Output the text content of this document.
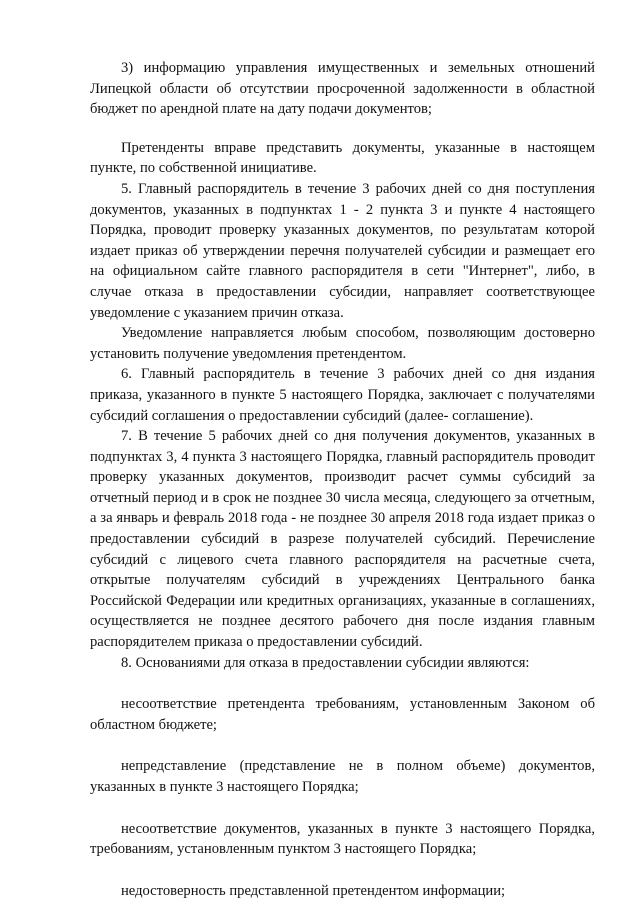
3) информацию управления имущественных и земельных отношений Липецкой области об отсутствии просроченной задолженности в областной бюджет по арендной плате на дату подачи документов;

Претенденты вправе представить документы, указанные в настоящем пункте, по собственной инициативе.

5. Главный распорядитель в течение 3 рабочих дней со дня поступления документов, указанных в подпунктах 1 - 2 пункта 3 и пункте 4 настоящего Порядка, проводит проверку указанных документов, по результатам которой издает приказ об утверждении перечня получателей субсидии и размещает его на официальном сайте главного распорядителя в сети "Интернет", либо, в случае отказа в предоставлении субсидии, направляет соответствующее уведомление с указанием причин отказа.

Уведомление направляется любым способом, позволяющим достоверно установить получение уведомления претендентом.

6. Главный распорядитель в течение 3 рабочих дней со дня издания приказа, указанного в пункте 5 настоящего Порядка, заключает с получателями субсидий соглашения о предоставлении субсидий (далее- соглашение).

7. В течение 5 рабочих дней со дня получения документов, указанных в подпунктах 3, 4 пункта 3 настоящего Порядка, главный распорядитель проводит проверку указанных документов, производит расчет суммы субсидий за отчетный период и в срок не позднее 30 числа месяца, следующего за отчетным, а за январь и февраль 2018 года - не позднее 30 апреля 2018 года издает приказ о предоставлении субсидий в разрезе получателей субсидий. Перечисление субсидий с лицевого счета главного распорядителя на расчетные счета, открытые получателям субсидий в учреждениях Центрального банка Российской Федерации или кредитных организациях, указанные в соглашениях, осуществляется не позднее десятого рабочего дня после издания главным распорядителем приказа о предоставлении субсидий.

8. Основаниями для отказа в предоставлении субсидии являются:

несоответствие претендента требованиям, установленным Законом об областном бюджете;

непредставление (представление не в полном объеме) документов, указанных в пункте 3 настоящего Порядка;

несоответствие документов, указанных в пункте 3 настоящего Порядка, требованиям, установленным пунктом 3 настоящего Порядка;

недостоверность представленной претендентом информации;
